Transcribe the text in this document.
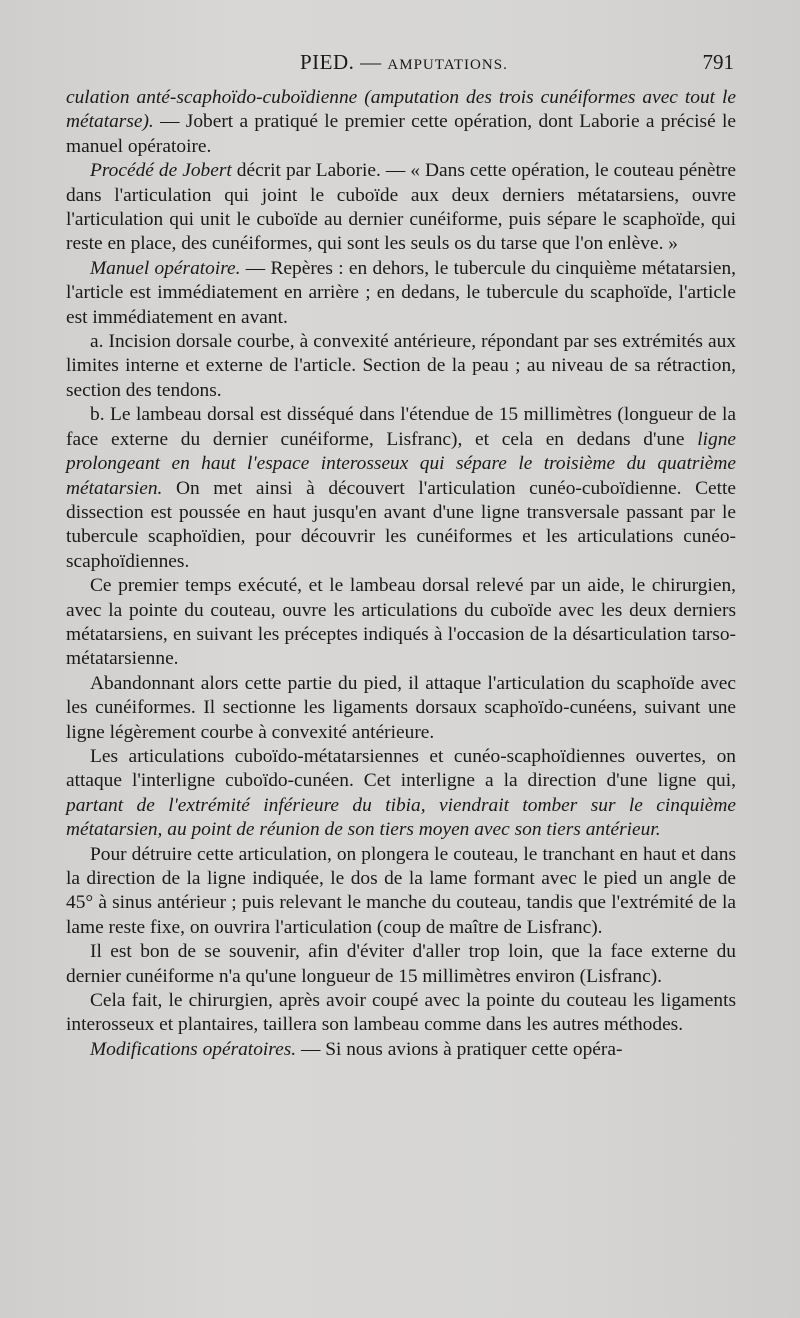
PIED. — AMPUTATIONS.	791

culation anté-scaphoïdo-cuboïdienne (amputation des trois cunéiformes avec tout le métatarse). — Jobert a pratiqué le premier cette opération, dont Laborie a précisé le manuel opératoire.

Procédé de Jobert décrit par Laborie. — « Dans cette opération, le couteau pénètre dans l'articulation qui joint le cuboïde aux deux derniers métatarsiens, ouvre l'articulation qui unit le cuboïde au dernier cunéiforme, puis sépare le scaphoïde, qui reste en place, des cunéiformes, qui sont les seuls os du tarse que l'on enlève. »

Manuel opératoire. — Repères : en dehors, le tubercule du cinquième métatarsien, l'article est immédiatement en arrière ; en dedans, le tubercule du scaphoïde, l'article est immédiatement en avant.

a. Incision dorsale courbe, à convexité antérieure, répondant par ses extrémités aux limites interne et externe de l'article. Section de la peau ; au niveau de sa rétraction, section des tendons.

b. Le lambeau dorsal est disséqué dans l'étendue de 15 millimètres (longueur de la face externe du dernier cunéiforme, Lisfranc), et cela en dedans d'une ligne prolongeant en haut l'espace interosseux qui sépare le troisième du quatrième métatarsien. On met ainsi à découvert l'articulation cunéo-cuboïdienne. Cette dissection est poussée en haut jusqu'en avant d'une ligne transversale passant par le tubercule scaphoïdien, pour découvrir les cunéiformes et les articulations cunéo-scaphoïdiennes.

Ce premier temps exécuté, et le lambeau dorsal relevé par un aide, le chirurgien, avec la pointe du couteau, ouvre les articulations du cuboïde avec les deux derniers métatarsiens, en suivant les préceptes indiqués à l'occasion de la désarticulation tarso-métatarsienne.

Abandonnant alors cette partie du pied, il attaque l'articulation du scaphoïde avec les cunéiformes. Il sectionne les ligaments dorsaux scaphoïdo-cunéens, suivant une ligne légèrement courbe à convexité antérieure.

Les articulations cuboïdo-métatarsiennes et cunéo-scaphoïdiennes ouvertes, on attaque l'interligne cuboïdo-cunéen. Cet interligne a la direction d'une ligne qui, partant de l'extrémité inférieure du tibia, viendrait tomber sur le cinquième métatarsien, au point de réunion de son tiers moyen avec son tiers antérieur.

Pour détruire cette articulation, on plongera le couteau, le tranchant en haut et dans la direction de la ligne indiquée, le dos de la lame formant avec le pied un angle de 45° à sinus antérieur ; puis relevant le manche du couteau, tandis que l'extrémité de la lame reste fixe, on ouvrira l'articulation (coup de maître de Lisfranc).

Il est bon de se souvenir, afin d'éviter d'aller trop loin, que la face externe du dernier cunéiforme n'a qu'une longueur de 15 millimètres environ (Lisfranc).

Cela fait, le chirurgien, après avoir coupé avec la pointe du couteau les ligaments interosseux et plantaires, taillera son lambeau comme dans les autres méthodes.

Modifications opératoires. — Si nous avions à pratiquer cette opéra-
